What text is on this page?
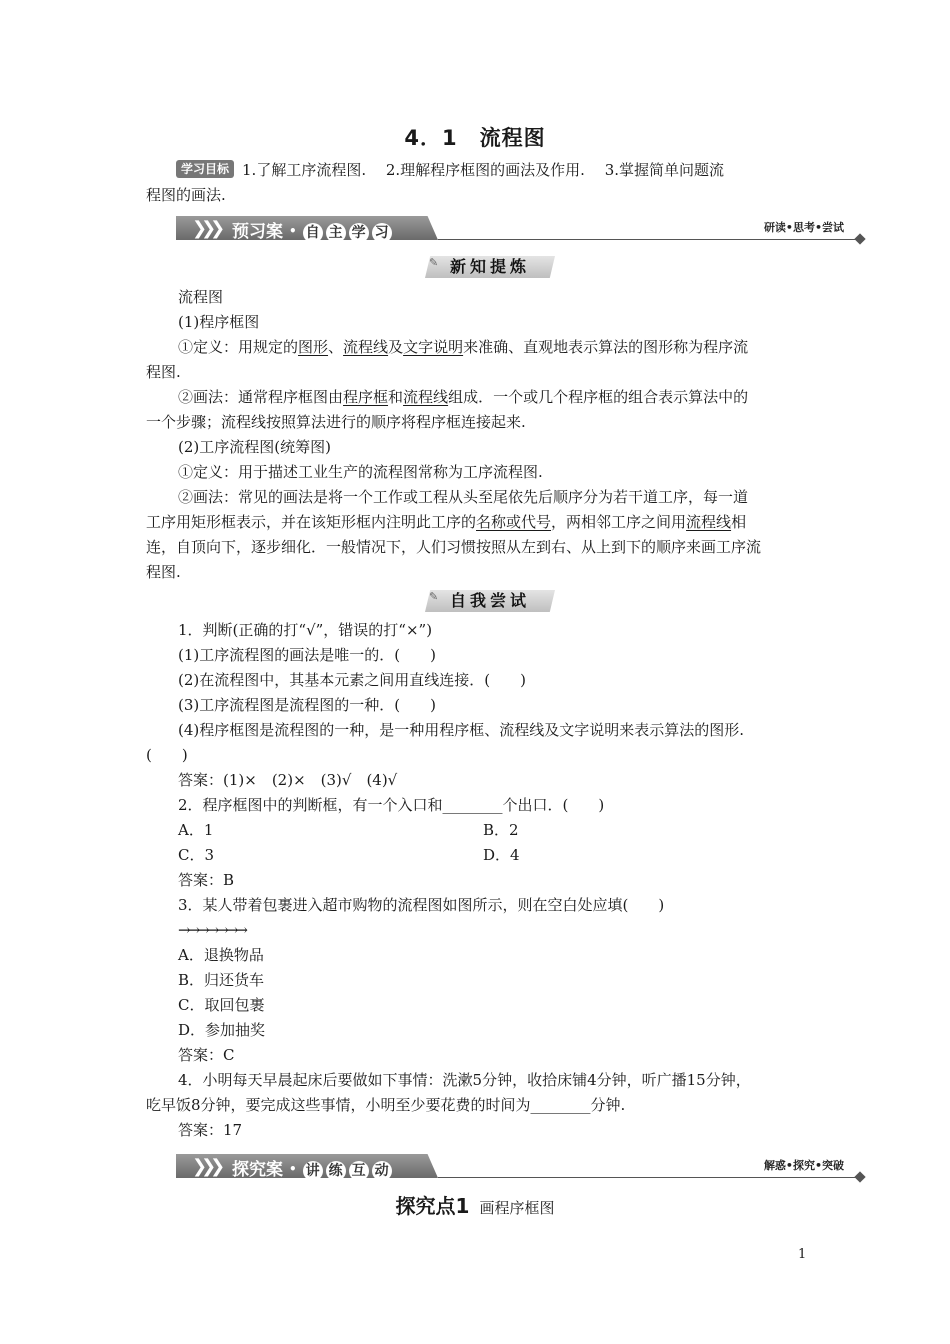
4．1　流程图
学习目标 1.了解工序流程图.　 2.理解程序框图的画法及作用.　 3.掌握简单问题流
程图的画法.
❯❯❯ 预习案 • 自 主 学 习	研读•思考•尝试
✎ 新知提炼

流程图

(1)程序框图

①定义：用规定的图形、流程线及文字说明来准确、直观地表示算法的图形称为程序流

程图.

②画法：通常程序框图由程序框和流程线组成．一个或几个程序框的组合表示算法中的

一个步骤；流程线按照算法进行的顺序将程序框连接起来.

(2)工序流程图(统筹图)

①定义：用于描述工业生产的流程图常称为工序流程图.

②画法：常见的画法是将一个工作或工程从头至尾依先后顺序分为若干道工序，每一道

工序用矩形框表示，并在该矩形框内注明此工序的名称或代号，两相邻工序之间用流程线相

连，自顶向下，逐步细化．一般情况下，人们习惯按照从左到右、从上到下的顺序来画工序流

程图.

✎ 自我尝试

1．判断(正确的打“√”，错误的打“×”)

(1)工序流程图的画法是唯一的．(　　)

(2)在流程图中，其基本元素之间用直线连接．(　　)

(3)工序流程图是流程图的一种．(　　)

(4)程序框图是流程图的一种，是一种用程序框、流程线及文字说明来表示算法的图形.

(　　)

答案：(1)×　(2)×　(3)√　(4)√

2．程序框图中的判断框，有一个入口和________个出口．(　　)

A．1	B．2
C．3	D．4

答案：B

3．某人带着包裹进入超市购物的流程图如图所示，则在空白处应填(　　)

→→→→→→→

A．退换物品

B．归还货车

C．取回包裹

D．参加抽奖

答案：C

4．小明每天早晨起床后要做如下事情：洗漱5分钟，收拾床铺4分钟，听广播15分钟，

吃早饭8分钟，要完成这些事情，小明至少要花费的时间为________分钟.

答案：17

❯❯❯ 探究案 • 讲 练 互 动	解惑•探究•突破
探究点1 画程序框图
1
